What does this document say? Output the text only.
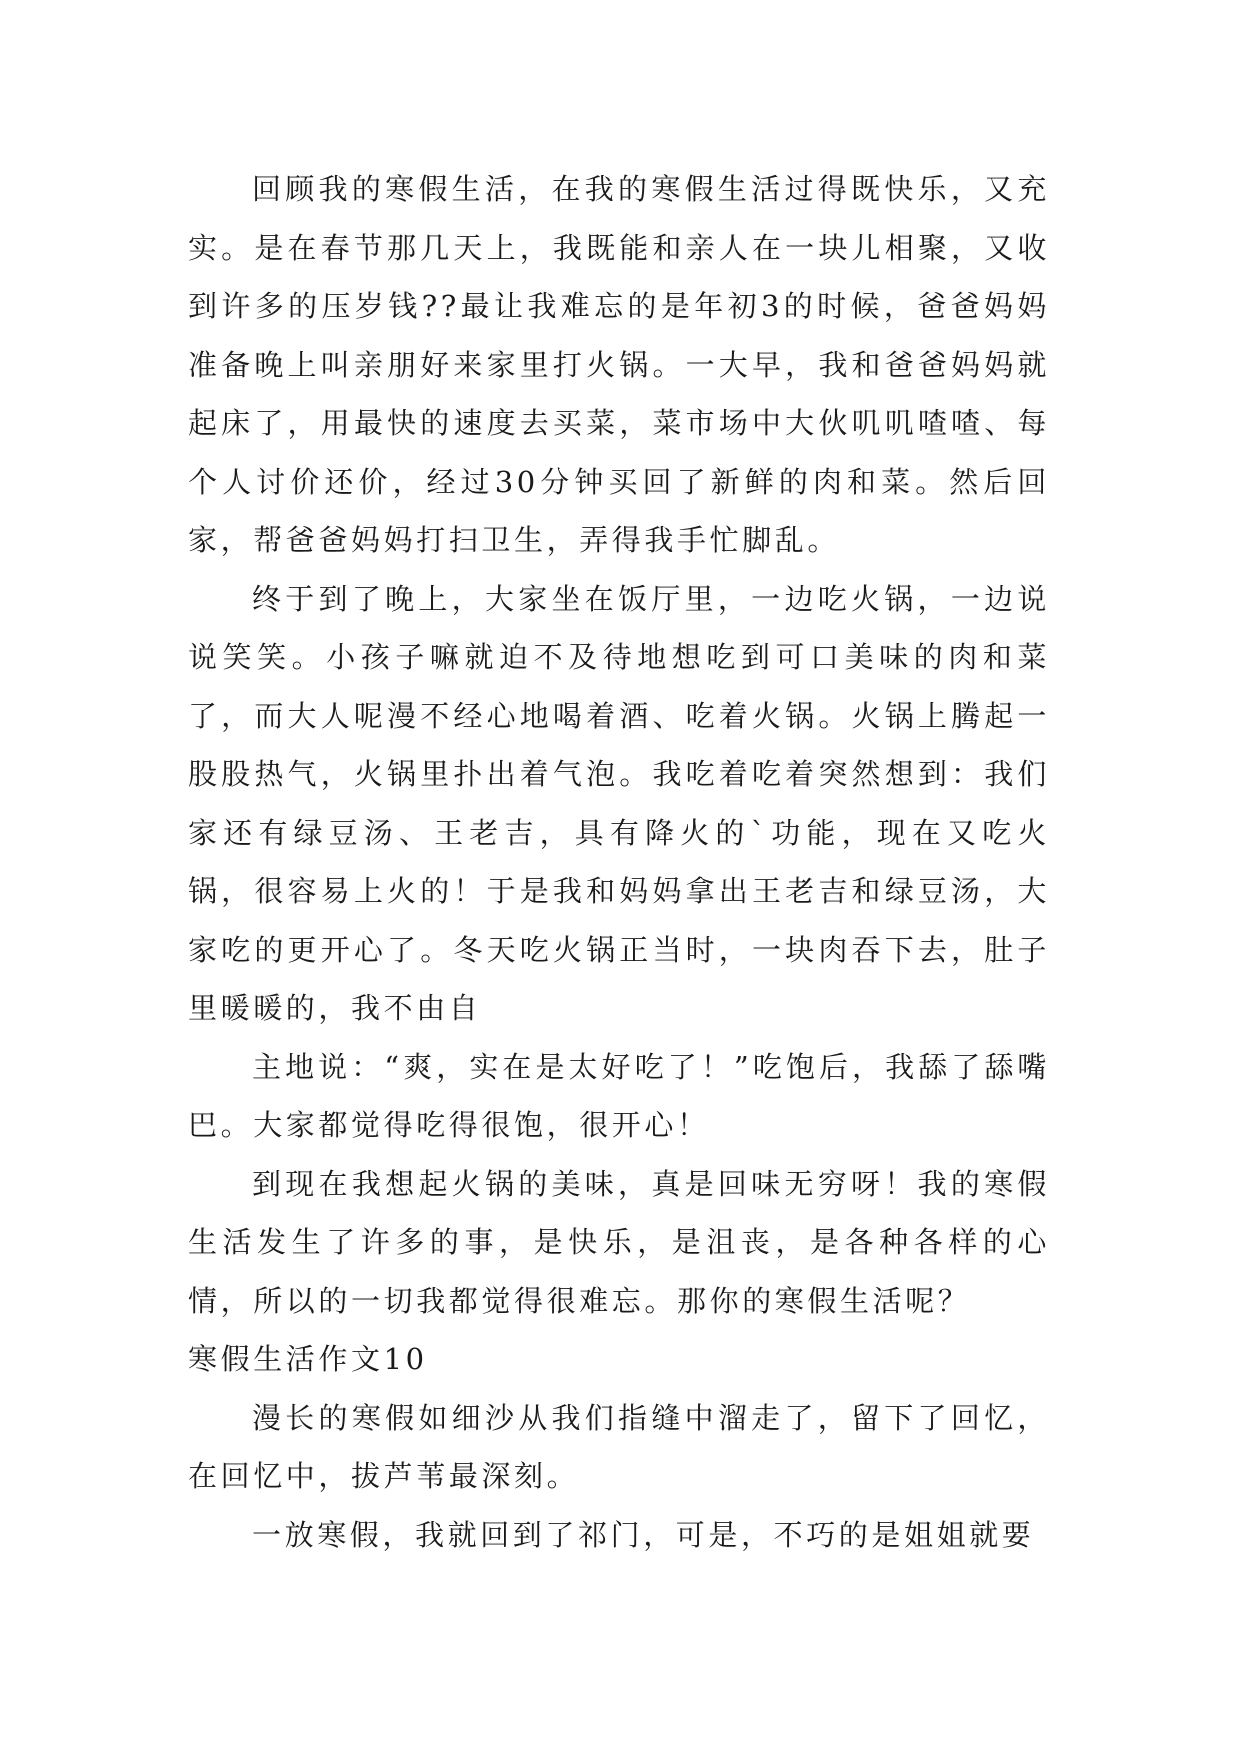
回顾我的寒假生活，在我的寒假生活过得既快乐，又充实。是在春节那几天上，我既能和亲人在一块儿相聚，又收到许多的压岁钱??最让我难忘的是年初3的时候，爸爸妈妈准备晚上叫亲朋好来家里打火锅。一大早，我和爸爸妈妈就起床了，用最快的速度去买菜，菜市场中大伙叽叽喳喳、每个人讨价还价，经过30分钟买回了新鲜的肉和菜。然后回家，帮爸爸妈妈打扫卫生，弄得我手忙脚乱。

终于到了晚上，大家坐在饭厅里，一边吃火锅，一边说说笑笑。小孩子嘛就迫不及待地想吃到可口美味的肉和菜了，而大人呢漫不经心地喝着酒、吃着火锅。火锅上腾起一股股热气，火锅里扑出着气泡。我吃着吃着突然想到：我们家还有绿豆汤、王老吉，具有降火的`功能，现在又吃火锅，很容易上火的！于是我和妈妈拿出王老吉和绿豆汤，大家吃的更开心了。冬天吃火锅正当时，一块肉吞下去，肚子里暖暖的，我不由自

主地说：“爽，实在是太好吃了！”吃饱后，我舔了舔嘴巴。大家都觉得吃得很饱，很开心！

到现在我想起火锅的美味，真是回味无穷呀！我的寒假生活发生了许多的事，是快乐，是沮丧，是各种各样的心情，所以的一切我都觉得很难忘。那你的寒假生活呢？

寒假生活作文10

漫长的寒假如细沙从我们指缝中溜走了，留下了回忆，在回忆中，拔芦苇最深刻。

一放寒假，我就回到了祁门，可是，不巧的是姐姐就要
